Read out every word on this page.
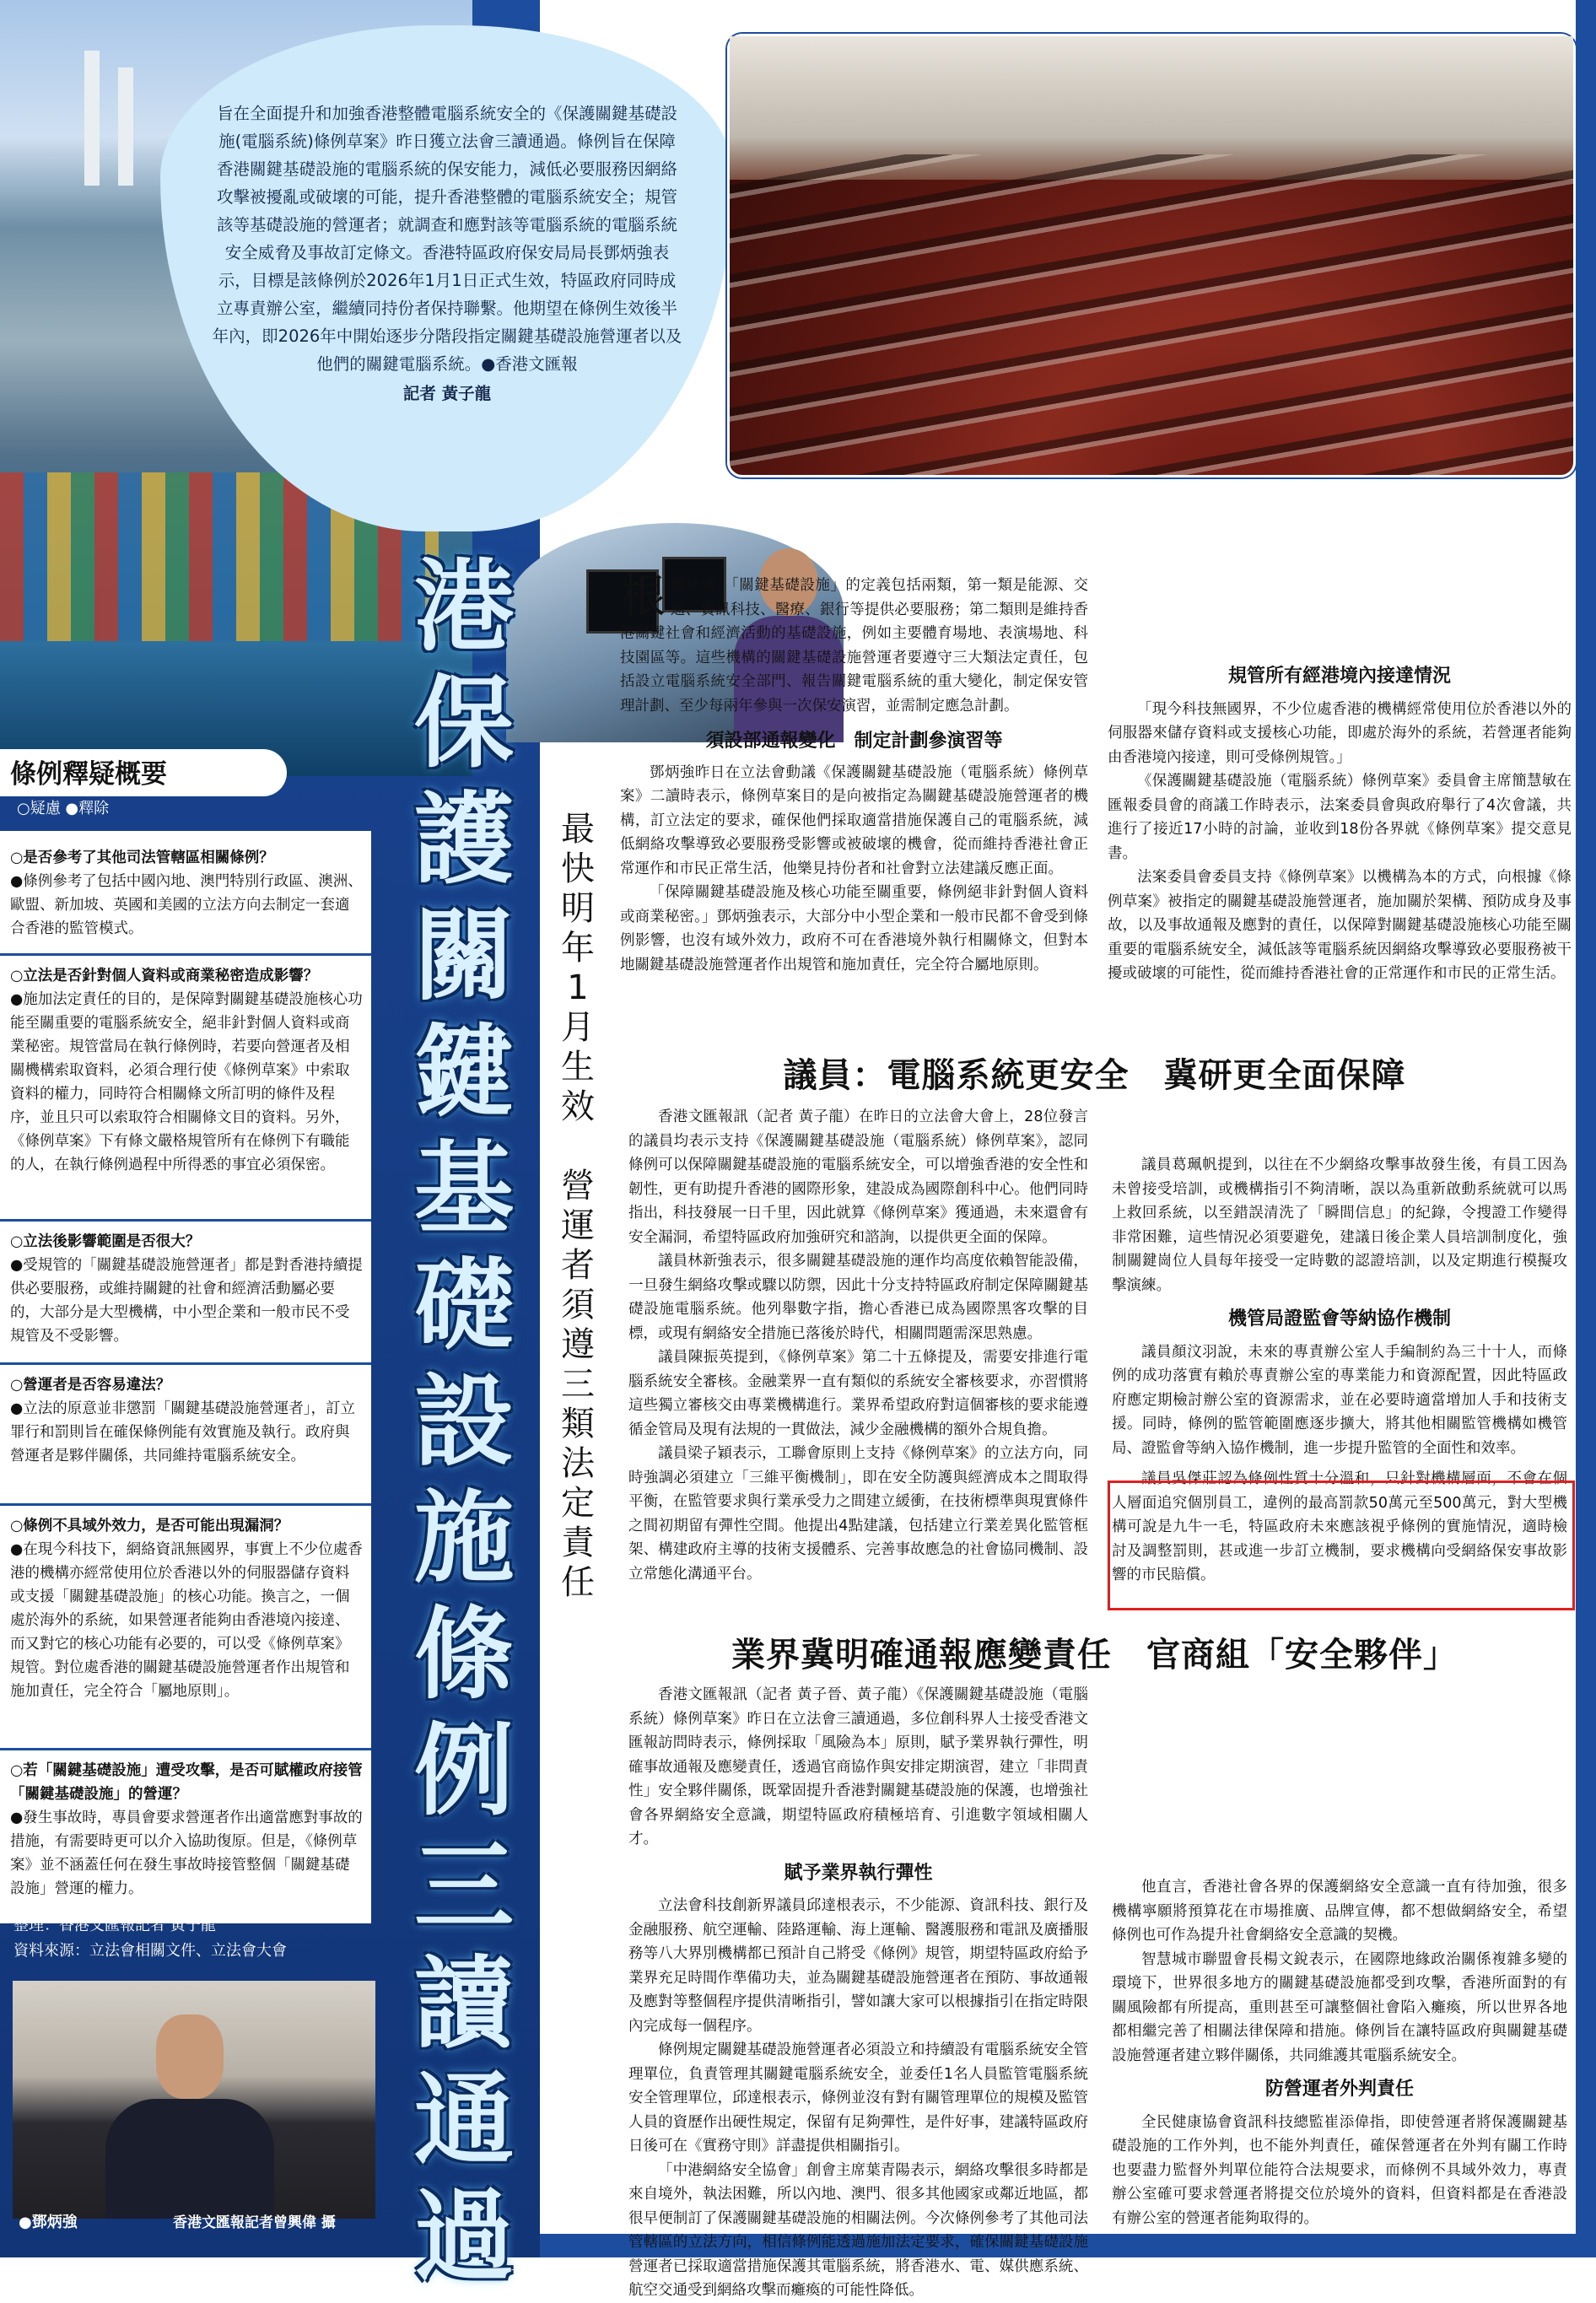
旨在全面提升和加強香港整體電腦系統安全的《保護關鍵基礎設施(電腦系統)條例草案》昨日獲立法會三讀通過。條例旨在保障香港關鍵基礎設施的電腦系統的保安能力，減低必要服務因網絡攻擊被擾亂或破壞的可能，提升香港整體的電腦系統安全；規管該等基礎設施的營運者；就調查和應對該等電腦系統的電腦系統安全威脅及事故訂定條文。香港特區政府保安局局長鄧炳強表示，目標是該條例於2026年1月1日正式生效，特區政府同時成立專責辦公室，繼續同持份者保持聯繫。他期望在條例生效後半年內，即2026年中開始逐步分階段指定關鍵基礎設施營運者以及他們的關鍵電腦系統。●香港文匯報
記者 黃子龍
●《保護關鍵基礎設施（電腦系統）條例草案》昨日獲立法會三讀通過。
香港文匯報記者曾興偉 攝
港
保
護
關
鍵
基
礎
設
施
條
例
三
讀
通
過
最
快
明
年
1
月
生
效

營
運
者
須
遵
三
類
法
定
責
任
條例釋疑概要
○疑慮 ●釋除
○是否參考了其他司法管轄區相關條例？
●條例參考了包括中國內地、澳門特別行政區、澳洲、歐盟、新加坡、英國和美國的立法方向去制定一套適合香港的監管模式。
○立法是否針對個人資料或商業秘密造成影響？
●施加法定責任的目的，是保障對關鍵基礎設施核心功能至關重要的電腦系統安全，絕非針對個人資料或商業秘密。規管當局在執行條例時，若要向營運者及相關機構索取資料，必須合理行使《條例草案》中索取資料的權力，同時符合相關條文所訂明的條件及程序，並且只可以索取符合相關條文目的資料。另外，《條例草案》下有條文嚴格規管所有在條例下有職能的人，在執行條例過程中所得悉的事宜必須保密。
○立法後影響範圍是否很大？
●受規管的「關鍵基礎設施營運者」都是對香港持續提供必要服務，或維持關鍵的社會和經濟活動屬必要的，大部分是大型機構，中小型企業和一般市民不受規管及不受影響。
○營運者是否容易違法？
●立法的原意並非懲罰「關鍵基礎設施營運者」，訂立罪行和罰則旨在確保條例能有效實施及執行。政府與營運者是夥伴關係，共同維持電腦系統安全。
○條例不具域外效力，是否可能出現漏洞？
●在現今科技下，網絡資訊無國界，事實上不少位處香港的機構亦經常使用位於香港以外的伺服器儲存資料或支援「關鍵基礎設施」的核心功能。換言之，一個處於海外的系統，如果營運者能夠由香港境內接達、而又對它的核心功能有必要的，可以受《條例草案》規管。對位處香港的關鍵基礎設施營運者作出規管和施加責任，完全符合「屬地原則」。
○若「關鍵基礎設施」遭受攻擊，是否可賦權政府接管「關鍵基礎設施」的營運？
●發生事故時，專員會要求營運者作出適當應對事故的措施，有需要時更可以介入協助復原。但是，《條例草案》並不涵蓋任何在發生事故時接管整個「關鍵基礎設施」營運的權力。
整理：香港文匯報記者 黃子龍
資料來源：立法會相關文件、立法會大會
●鄧炳強	香港文匯報記者曾興偉 攝

根據條例，「關鍵基礎設施」的定義包括兩類，第一類是能源、交通、資訊科技、醫療、銀行等提供必要服務；第二類則是維持香港關鍵社會和經濟活動的基礎設施，例如主要體育場地、表演場地、科技園區等。這些機構的關鍵基礎設施營運者要遵守三大類法定責任，包括設立電腦系統安全部門、報告關鍵電腦系統的重大變化，制定保安管理計劃、至少每兩年參與一次保安演習，並需制定應急計劃。

須設部通報變化　制定計劃參演習等

鄧炳強昨日在立法會動議《保護關鍵基礎設施（電腦系統）條例草案》二讀時表示，條例草案目的是向被指定為關鍵基礎設施營運者的機構，訂立法定的要求，確保他們採取適當措施保護自己的電腦系統，減低網絡攻擊導致必要服務受影響或被破壞的機會，從而維持香港社會正常運作和市民正常生活，他樂見持份者和社會對立法建議反應正面。

「保障關鍵基礎設施及核心功能至關重要，條例絕非針對個人資料或商業秘密。」鄧炳強表示，大部分中小型企業和一般市民都不會受到條例影響，也沒有域外效力，政府不可在香港境外執行相關條文，但對本地關鍵基礎設施營運者作出規管和施加責任，完全符合屬地原則。

規管所有經港境內接達情況

「現今科技無國界，不少位處香港的機構經常使用位於香港以外的伺服器來儲存資料或支援核心功能，即處於海外的系統，若營運者能夠由香港境內接達，則可受條例規管。」

《保護關鍵基礎設施（電腦系統）條例草案》委員會主席簡慧敏在匯報委員會的商議工作時表示，法案委員會與政府舉行了4次會議，共進行了接近17小時的討論，並收到18份各界就《條例草案》提交意見書。

法案委員會委員支持《條例草案》以機構為本的方式，向根據《條例草案》被指定的關鍵基礎設施營運者，施加關於架構、預防成身及事故，以及事故通報及應對的責任，以保障對關鍵基礎設施核心功能至關重要的電腦系統安全，減低該等電腦系統因網絡攻擊導致必要服務被干擾或破壞的可能性，從而維持香港社會的正常運作和市民的正常生活。

議員：電腦系統更安全　冀研更全面保障

香港文匯報訊（記者 黃子龍）在昨日的立法會大會上，28位發言的議員均表示支持《保護關鍵基礎設施（電腦系統）條例草案》，認同條例可以保障關鍵基礎設施的電腦系統安全，可以增強香港的安全性和韌性，更有助提升香港的國際形象，建設成為國際創科中心。他們同時指出，科技發展一日千里，因此就算《條例草案》獲通過，未來還會有安全漏洞，希望特區政府加強研究和諮詢，以提供更全面的保障。

議員林新強表示，很多關鍵基礎設施的運作均高度依賴智能設備，一旦發生網絡攻擊或驟以防禦，因此十分支持特區政府制定保障關鍵基礎設施電腦系統。他列舉數字指，擔心香港已成為國際黑客攻擊的目標，或現有網絡安全措施已落後於時代，相關問題需深思熟慮。

議員陳振英提到，《條例草案》第二十五條提及，需要安排進行電腦系統安全審核。金融業界一直有類似的系統安全審核要求，亦習慣將這些獨立審核交由專業機構進行。業界希望政府對這個審核的要求能遵循金管局及現有法規的一貫做法，減少金融機構的額外合規負擔。

議員梁子穎表示，工聯會原則上支持《條例草案》的立法方向，同時強調必須建立「三維平衡機制」，即在安全防護與經濟成本之間取得平衡，在監管要求與行業承受力之間建立緩衝，在技術標準與現實條件之間初期留有彈性空間。他提出4點建議，包括建立行業差異化監管框架、構建政府主導的技術支援體系、完善事故應急的社會協同機制、設立常態化溝通平台。

議員葛珮帆提到，以往在不少網絡攻擊事故發生後，有員工因為未曾接受培訓，或機構指引不夠清晰，誤以為重新啟動系統就可以馬上救回系統，以至錯誤清洗了「瞬間信息」的紀錄，令搜證工作變得非常困難，這些情況必須要避免，建議日後企業人員培訓制度化，強制關鍵崗位人員每年接受一定時數的認證培訓，以及定期進行模擬攻擊演練。

機管局證監會等納協作機制

議員顏汶羽說，未來的專責辦公室人手編制約為三十十人，而條例的成功落實有賴於專責辦公室的專業能力和資源配置，因此特區政府應定期檢討辦公室的資源需求，並在必要時適當增加人手和技術支援。同時，條例的監管範圍應逐步擴大，將其他相關監管機構如機管局、證監會等納入協作機制，進一步提升監管的全面性和效率。

議員吳傑莊認為條例性質十分溫和，只針對機構層面，不會在個人層面追究個別員工，違例的最高罰款50萬元至500萬元，對大型機構可說是九牛一毛，特區政府未來應該視乎條例的實施情況，適時檢討及調整罰則，甚或進一步訂立機制，要求機構向受網絡保安事故影響的市民賠償。

業界冀明確通報應變責任　官商組「安全夥伴」

香港文匯報訊（記者 黃子晉、黃子龍）《保護關鍵基礎設施（電腦系統）條例草案》昨日在立法會三讀通過，多位創科界人士接受香港文匯報訪問時表示，條例採取「風險為本」原則，賦予業界執行彈性，明確事故通報及應變責任，透過官商協作與安排定期演習，建立「非問責性」安全夥伴關係，既鞏固提升香港對關鍵基礎設施的保護，也增強社會各界網絡安全意識，期望特區政府積極培育、引進數字領域相關人才。

賦予業界執行彈性

立法會科技創新界議員邱達根表示，不少能源、資訊科技、銀行及金融服務、航空運輸、陸路運輸、海上運輸、醫護服務和電訊及廣播服務等八大界別機構都已預計自己將受《條例》規管，期望特區政府給予業界充足時間作準備功夫，並為關鍵基礎設施營運者在預防、事故通報及應對等整個程序提供清晰指引，譬如讓大家可以根據指引在指定時限內完成每一個程序。

條例規定關鍵基礎設施營運者必須設立和持續設有電腦系統安全管理單位，負責管理其關鍵電腦系統安全，並委任1名人員監管電腦系統安全管理單位，邱達根表示，條例並沒有對有關管理單位的規模及監管人員的資歷作出硬性規定，保留有足夠彈性，是件好事，建議特區政府日後可在《實務守則》詳盡提供相關指引。

「中港網絡安全協會」創會主席葉青陽表示，網絡攻擊很多時都是來自境外，執法困難，所以內地、澳門、很多其他國家或鄰近地區，都很早便制訂了保護關鍵基礎設施的相關法例。今次條例參考了其他司法管轄區的立法方向，相信條例能透過施加法定要求，確保關鍵基礎設施營運者已採取適當措施保護其電腦系統，將香港水、電、媒供應系統、航空交通受到網絡攻擊而癱瘓的可能性降低。

他直言，香港社會各界的保護網絡安全意識一直有待加強，很多機構寧願將預算花在市場推廣、品牌宣傳，都不想做網絡安全，希望條例也可作為提升社會網絡安全意識的契機。

智慧城市聯盟會長楊文銳表示，在國際地緣政治關係複雜多變的環境下，世界很多地方的關鍵基礎設施都受到攻擊，香港所面對的有關風險都有所提高，重則甚至可讓整個社會陷入癱瘓，所以世界各地都相繼完善了相關法律保障和措施。條例旨在讓特區政府與關鍵基礎設施營運者建立夥伴關係，共同維護其電腦系統安全。

防營運者外判責任

全民健康協會資訊科技總監崔添偉指，即使營運者將保護關鍵基礎設施的工作外判，也不能外判責任，確保營運者在外判有關工作時也要盡力監督外判單位能符合法規要求，而條例不具域外效力，專責辦公室確可要求營運者將提交位於境外的資料，但資料都是在香港設有辦公室的營運者能夠取得的。
